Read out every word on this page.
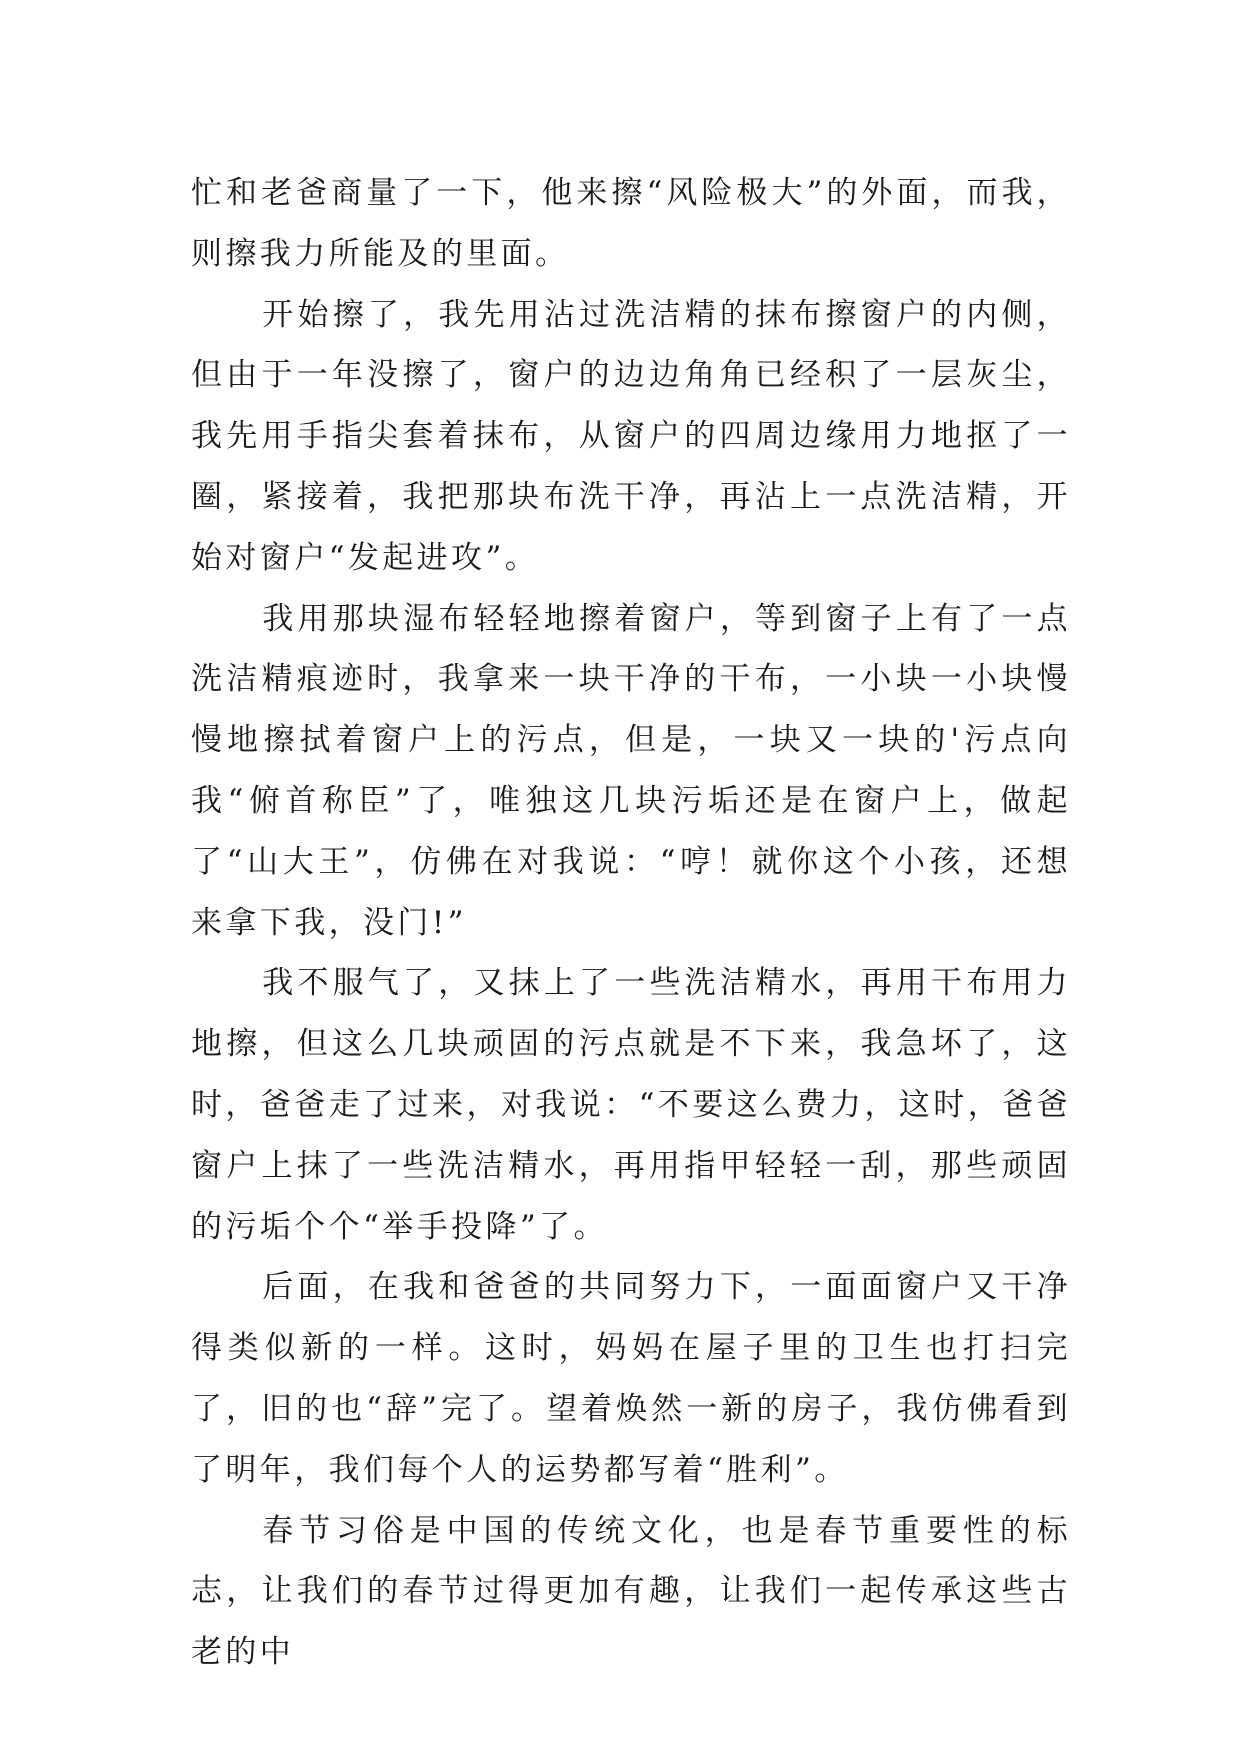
忙和老爸商量了一下，他来擦“风险极大”的外面，而我，则擦我力所能及的里面。

开始擦了，我先用沾过洗洁精的抹布擦窗户的内侧，但由于一年没擦了，窗户的边边角角已经积了一层灰尘，我先用手指尖套着抹布，从窗户的四周边缘用力地抠了一圈，紧接着，我把那块布洗干净，再沾上一点洗洁精，开始对窗户“发起进攻”。

我用那块湿布轻轻地擦着窗户，等到窗子上有了一点洗洁精痕迹时，我拿来一块干净的干布，一小块一小块慢慢地擦拭着窗户上的污点，但是，一块又一块的'污点向我“俯首称臣”了，唯独这几块污垢还是在窗户上，做起了“山大王”，仿佛在对我说：“哼！就你这个小孩，还想来拿下我，没门!”

我不服气了，又抹上了一些洗洁精水，再用干布用力地擦，但这么几块顽固的污点就是不下来，我急坏了，这时，爸爸走了过来，对我说：“不要这么费力，这时，爸爸窗户上抹了一些洗洁精水，再用指甲轻轻一刮，那些顽固的污垢个个“举手投降”了。

后面，在我和爸爸的共同努力下，一面面窗户又干净得类似新的一样。这时，妈妈在屋子里的卫生也打扫完了，旧的也“辞”完了。望着焕然一新的房子，我仿佛看到了明年，我们每个人的运势都写着“胜利”。

春节习俗是中国的传统文化，也是春节重要性的标志，让我们的春节过得更加有趣，让我们一起传承这些古老的中
